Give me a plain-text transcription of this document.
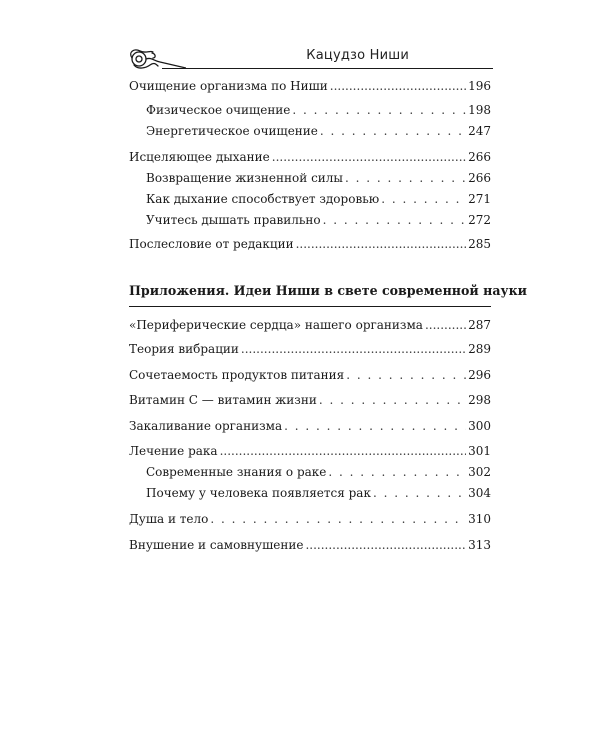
Кацудзо Ниши
Очищение организма по Ниши .....	196
Физическое очищение . . .	198
Энергетическое очищение . . .	247
Исцеляющее дыхание .....	266
Возвращение жизненной силы . . .	266
Как дыхание способствует здоровью . . .	271
Учитесь дышать правильно . . .	272
Послесловие от редакции .....	285
Приложения. Идеи Ниши в свете современной науки
«Периферические сердца» нашего организма .....	287
Теория вибрации .....	289
Сочетаемость продуктов питания . . .	296
Витамин С — витамин жизни . . .	298
Закаливание организма . . .	300
Лечение рака .....	301
Современные знания о раке . . .	302
Почему у человека появляется рак . . .	304
Душа и тело . . .	310
Внушение и самовнушение .....	313
